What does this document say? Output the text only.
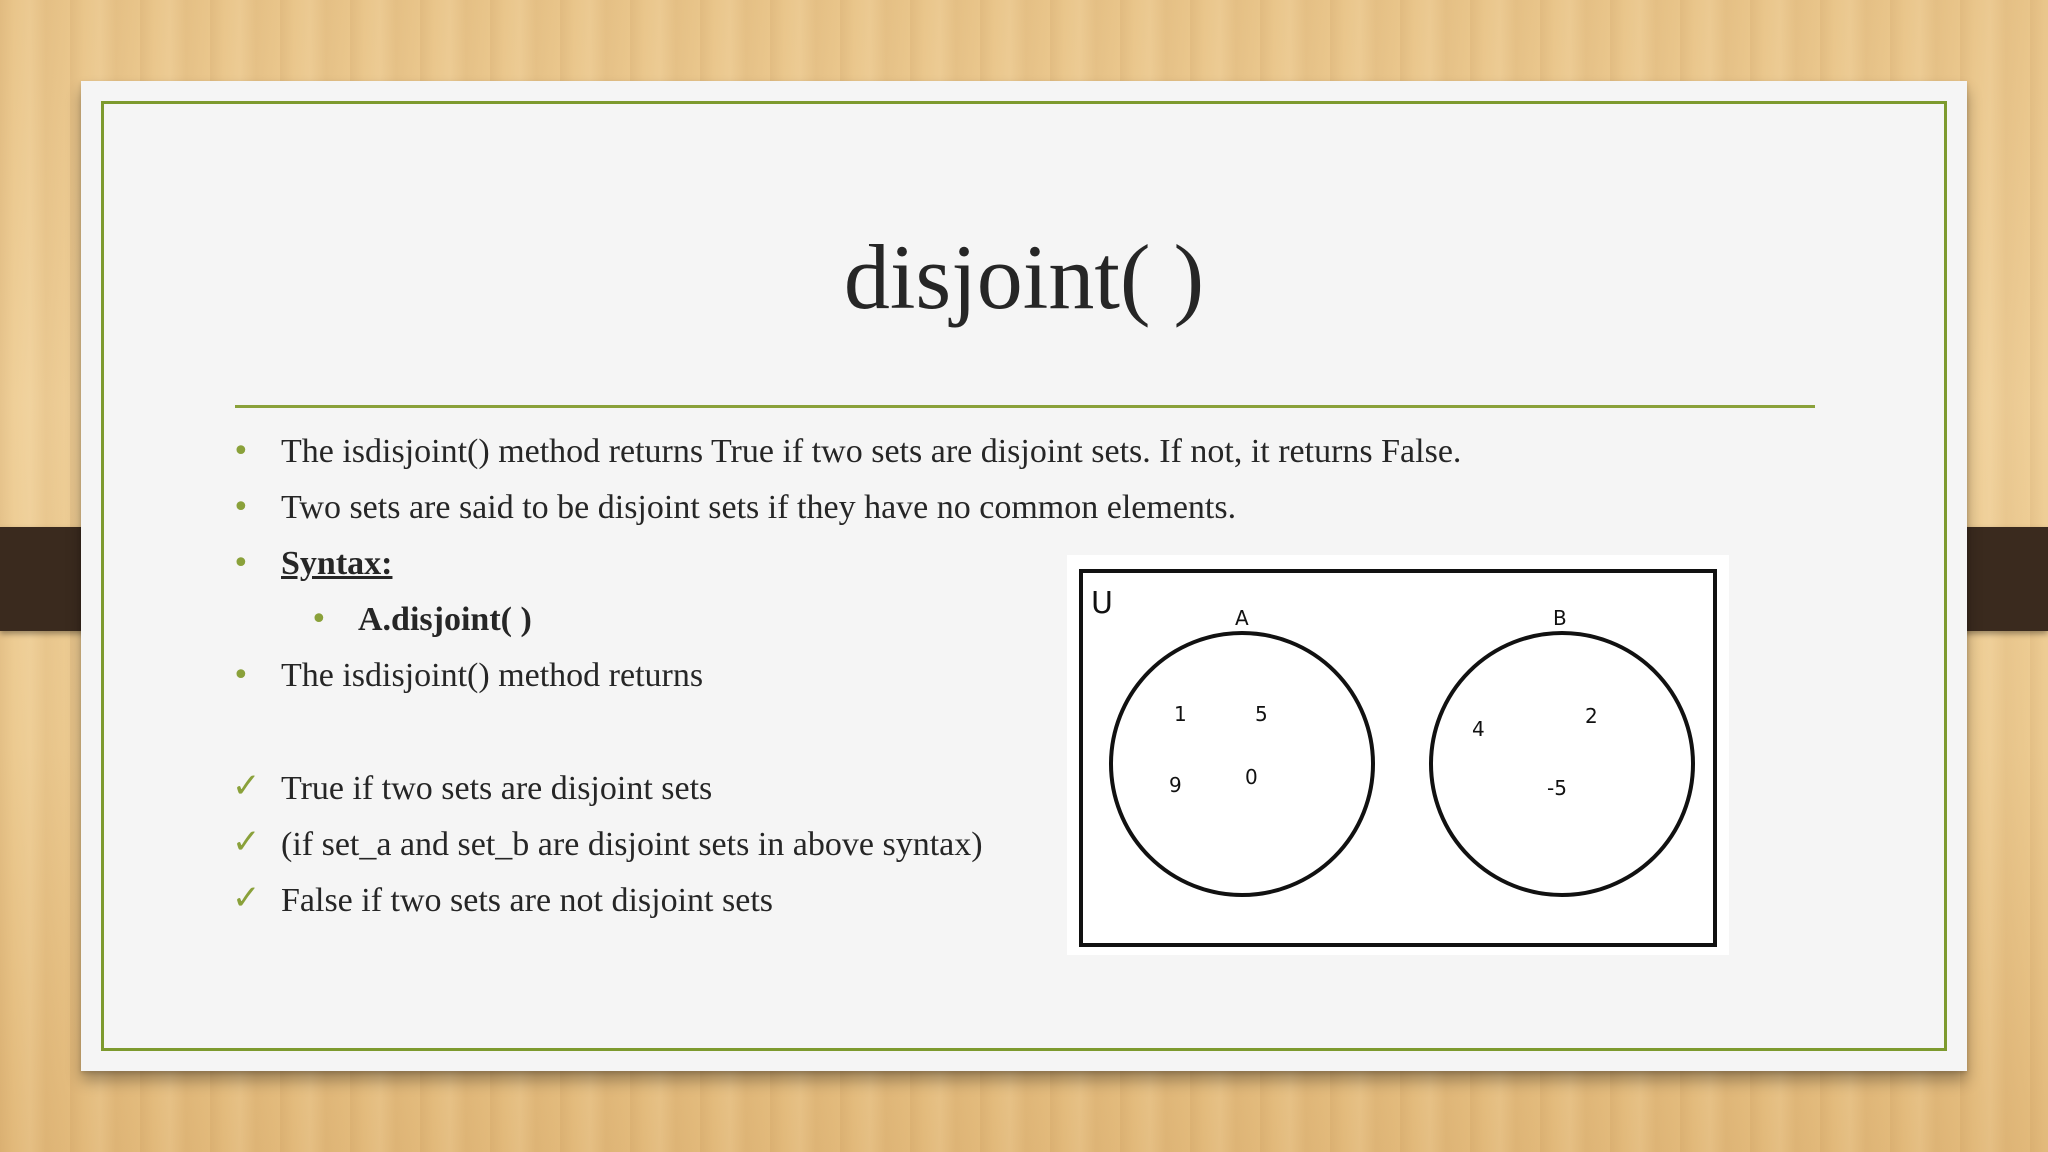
disjoint( )
• The isdisjoint() method returns True if two sets are disjoint sets. If not, it returns False.
• Two sets are said to be disjoint sets if they have no common elements.
• Syntax:
• A.disjoint( )
• The isdisjoint() method returns
✓ True if two sets are disjoint sets
✓ (if set_a and set_b are disjoint sets in above syntax)
✓ False if two sets are not disjoint sets
U	A
1	5
9	0
B
4
2
-5
